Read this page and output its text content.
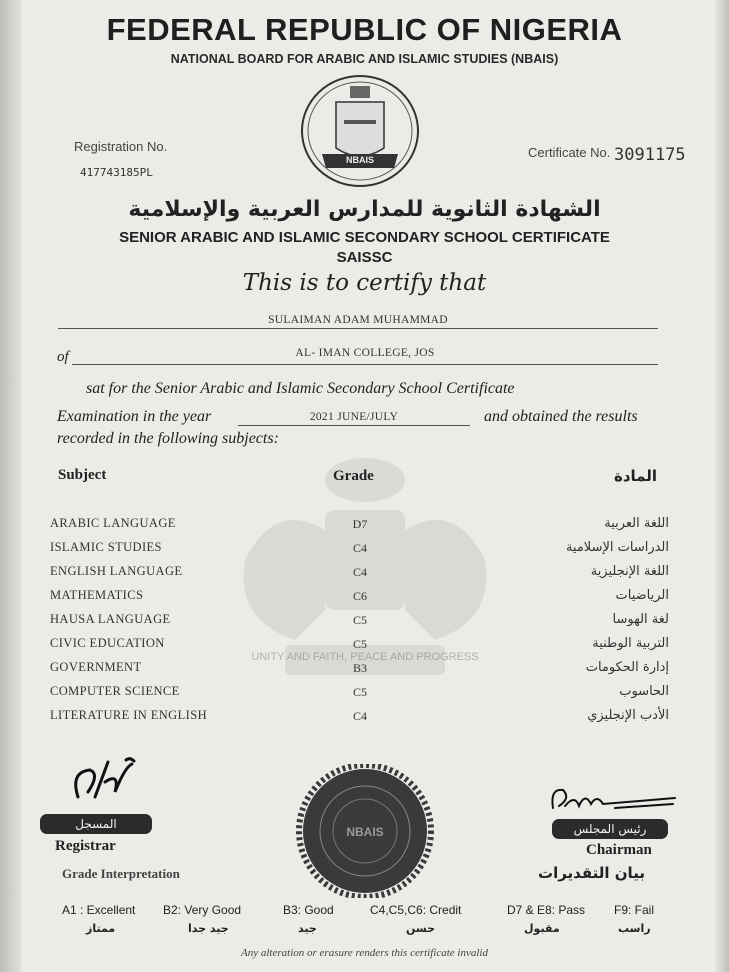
UNITY AND FAITH, PEACE AND PROGRESS
FEDERAL REPUBLIC OF NIGERIA
NATIONAL BOARD FOR ARABIC AND ISLAMIC STUDIES (NBAIS)
NBAIS
Registration No.
417743185PL
Certificate No. 3091175
الشهادة الثانوية للمدارس العربية والإسلامية
SENIOR ARABIC AND ISLAMIC SECONDARY SCHOOL CERTIFICATE
SAISSC
This is to certify that
SULAIMAN ADAM MUHAMMAD
of	AL- IMAN COLLEGE, JOS
sat for the Senior Arabic and Islamic Secondary School Certificate
Examination in the year	2021 JUNE/JULY	and obtained the results
recorded in the following subjects:
Subject	Grade	المادة
ARABIC LANGUAGE	D7	اللغة العربية
ISLAMIC STUDIES	C4	الدراسات الإسلامية
ENGLISH LANGUAGE	C4	اللغة الإنجليزية
MATHEMATICS	C6	الرياضيات
HAUSA LANGUAGE	C5	لغة الهوسا
CIVIC EDUCATION	C5	التربية الوطنية
GOVERNMENT	B3	إدارة الحكومات
COMPUTER SCIENCE	C5	الحاسوب
LITERATURE IN ENGLISH	C4	الأدب الإنجليزي
المسجل
Registrar
NBAIS	رئيس المجلس
Chairman
Grade Interpretation	بيان التقديرات
A1 : Excellent
ممتاز
B2: Very Good
جيد جدا
B3: Good
جيد
C4,C5,C6: Credit
حسن
D7 & E8: Pass
مقبول
F9: Fail
راسب
Any alteration or erasure renders this certificate invalid
